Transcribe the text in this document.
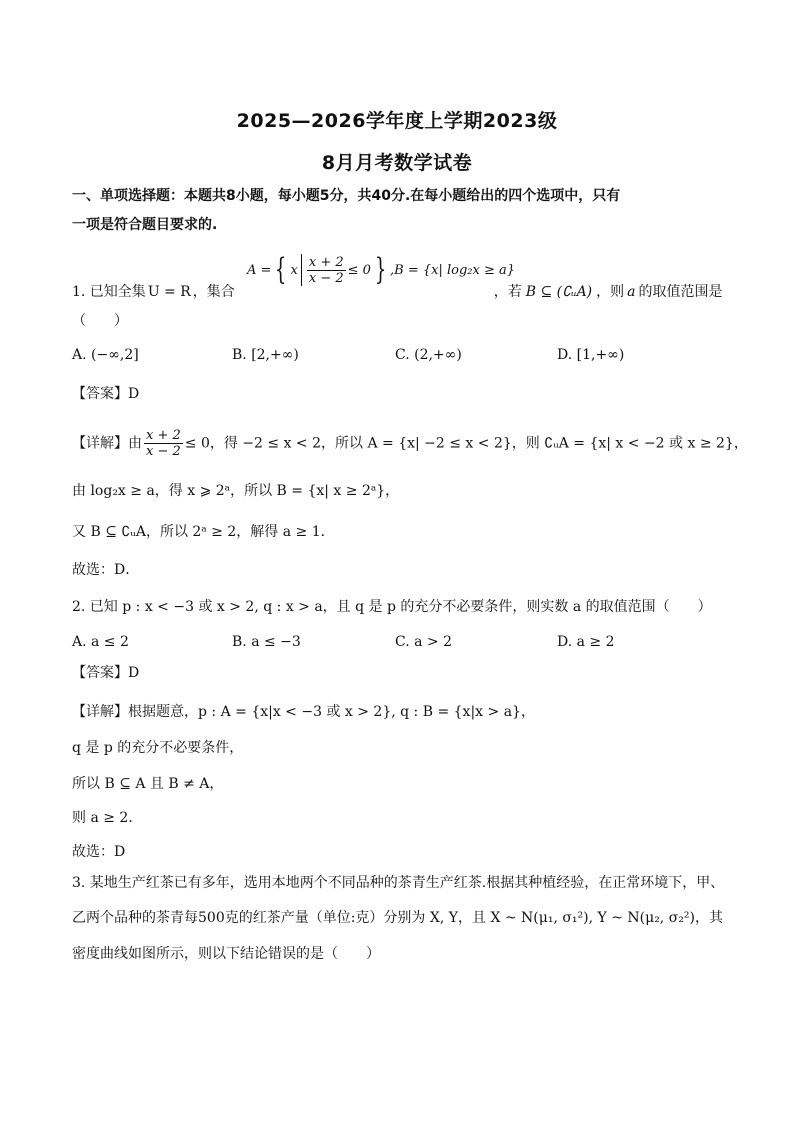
2025—2026学年度上学期2023级
8月月考数学试卷
一、单项选择题：本题共8小题，每小题5分，共40分.在每小题给出的四个选项中，只有
一项是符合题目要求的.
A = { x $\frac{x + 2}{x - 2} \le 0$ } ,B = {x| log₂x ≥ a}
1. 已知全集 U = R ，集合	，若 B ⊆ (∁ᵤA) ，则 a 的取值范围是
（　　）
A. (−∞,2]	B. [2,+∞)	C. (2,+∞)	D. [1,+∞)
【答案】D
【详解】由 $\frac{x + 2}{x - 2} \le 0$，得 −2 ≤ x < 2，所以 A = {x| −2 ≤ x < 2}，则 ∁ᵤA = {x| x < −2 或 x ≥ 2}，
由 log₂x ≥ a，得 x ⩾ 2ᵃ，所以 B = {x| x ≥ 2ᵃ}，
又 B ⊆ ∁ᵤA，所以 2ᵃ ≥ 2，解得 a ≥ 1．
故选：D．
2. 已知 p : x < −3 或 x > 2, q : x > a，且 q 是 p 的充分不必要条件，则实数 a 的取值范围（　　）
A. a ≤ 2	B. a ≤ −3	C. a > 2	D. a ≥ 2
【答案】D
【详解】根据题意，p : A = {x|x < −3 或 x > 2}, q : B = {x|x > a}，
q 是 p 的充分不必要条件，
所以 B ⊆ A 且 B ≠ A，
则 a ≥ 2．
故选：D
3. 某地生产红茶已有多年，选用本地两个不同品种的茶青生产红茶.根据其种植经验，在正常环境下，甲、
乙两个品种的茶青每500克的红茶产量（单位:克）分别为 X, Y，且 X ~ N(μ₁, σ₁²), Y ~ N(μ₂, σ₂²)，其
密度曲线如图所示，则以下结论错误的是（　　）
